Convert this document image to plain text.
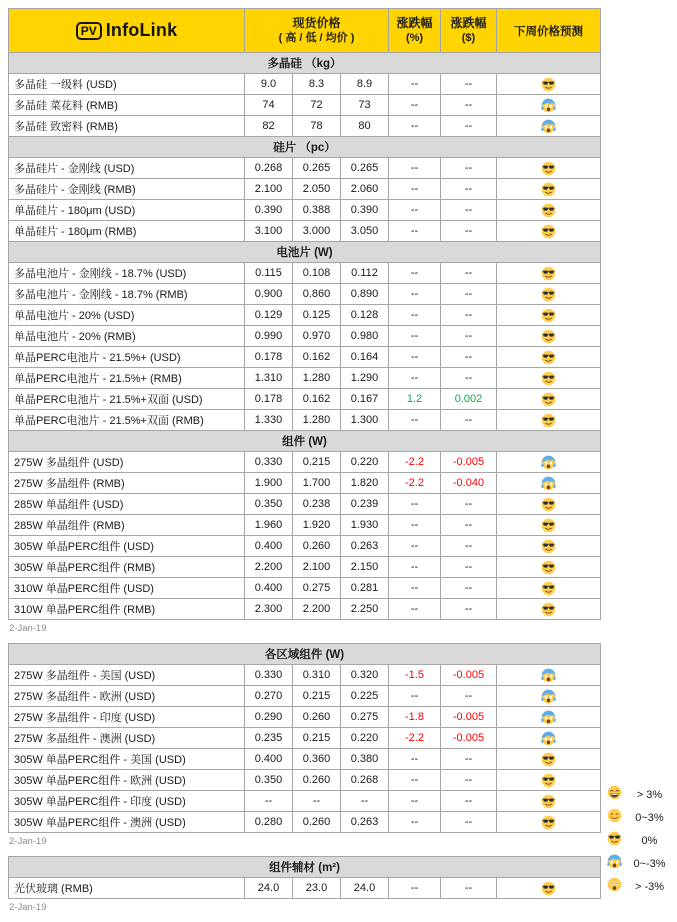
PV InfoLink	现货价格
( 高 / 低 / 均价 )

涨跌幅
(%)

涨跌幅
($)
	下周价格预测
多晶硅 （kg）						
多晶硅 一级料 (USD)	9.0	8.3	8.9	--	--	

多晶硅 菜花料 (RMB)	74	72	73	--	--	

多晶硅 致密料 (RMB)	82	78	80	--	--	

硅片 （pc）						
多晶硅片 - 金刚线 (USD)	0.268	0.265	0.265	--	--	

多晶硅片 - 金刚线 (RMB)	2.100	2.050	2.060	--	--	

单晶硅片 - 180μm (USD)	0.390	0.388	0.390	--	--	

单晶硅片 - 180μm (RMB)	3.100	3.000	3.050	--	--	

电池片 (W)						
多晶电池片 - 金刚线 - 18.7% (USD)	0.115	0.108	0.112	--	--	

多晶电池片 - 金刚线 - 18.7% (RMB)	0.900	0.860	0.890	--	--	

单晶电池片 - 20% (USD)	0.129	0.125	0.128	--	--	

单晶电池片 - 20% (RMB)	0.990	0.970	0.980	--	--	

单晶PERC电池片 - 21.5%+ (USD)	0.178	0.162	0.164	--	--	

单晶PERC电池片 - 21.5%+ (RMB)	1.310	1.280	1.290	--	--	

单晶PERC电池片 - 21.5%+双面 (USD)	0.178	0.162	0.167	1.2	0.002	

单晶PERC电池片 - 21.5%+双面 (RMB)	1.330	1.280	1.300	--	--	

组件 (W)						
275W 多晶组件 (USD)	0.330	0.215	0.220	-2.2	-0.005	

275W 多晶组件 (RMB)	1.900	1.700	1.820	-2.2	-0.040	

285W 单晶组件 (USD)	0.350	0.238	0.239	--	--	

285W 单晶组件 (RMB)	1.960	1.920	1.930	--	--	

305W 单晶PERC组件 (USD)	0.400	0.260	0.263	--	--	

305W 单晶PERC组件 (RMB)	2.200	2.100	2.150	--	--	

310W 单晶PERC组件 (USD)	0.400	0.275	0.281	--	--	

310W 单晶PERC组件 (RMB)	2.300	2.200	2.250	--	--	
2-Jan-19
各区域组件 (W)						
275W 多晶组件 - 美国 (USD)	0.330	0.310	0.320	-1.5	-0.005	

275W 多晶组件 - 欧洲 (USD)	0.270	0.215	0.225	--	--	

275W 多晶组件 - 印度 (USD)	0.290	0.260	0.275	-1.8	-0.005	

275W 多晶组件 - 澳洲 (USD)	0.235	0.215	0.220	-2.2	-0.005	

305W 单晶PERC组件 - 美国 (USD)	0.400	0.360	0.380	--	--	

305W 单晶PERC组件 - 欧洲 (USD)	0.350	0.260	0.268	--	--	

305W 单晶PERC组件 - 印度 (USD)	--	--	--	--	--	

305W 单晶PERC组件 - 澳洲 (USD)	0.280	0.260	0.263	--	--	
2-Jan-19
组件辅材 (m²)
光伏玻璃 (RMB)	24.0	23.0	24.0	--	--	
2-Jan-19
> 3%
0~3%
0%
0~-3%
> -3%
